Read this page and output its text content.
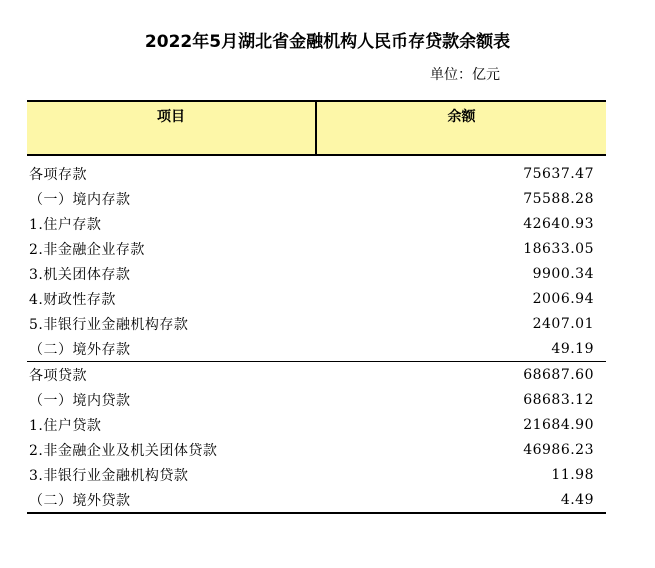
2022年5月湖北省金融机构人民币存贷款余额表
单位：亿元
项目	余额
各项存款	75637.47
（一）境内存款	75588.28
1.住户存款	42640.93
2.非金融企业存款	18633.05
3.机关团体存款	9900.34
4.财政性存款	2006.94
5.非银行业金融机构存款	2407.01
（二）境外存款	49.19
各项贷款	68687.60
（一）境内贷款	68683.12
1.住户贷款	21684.90
2.非金融企业及机关团体贷款	46986.23
3.非银行业金融机构贷款	11.98
（二）境外贷款	4.49
